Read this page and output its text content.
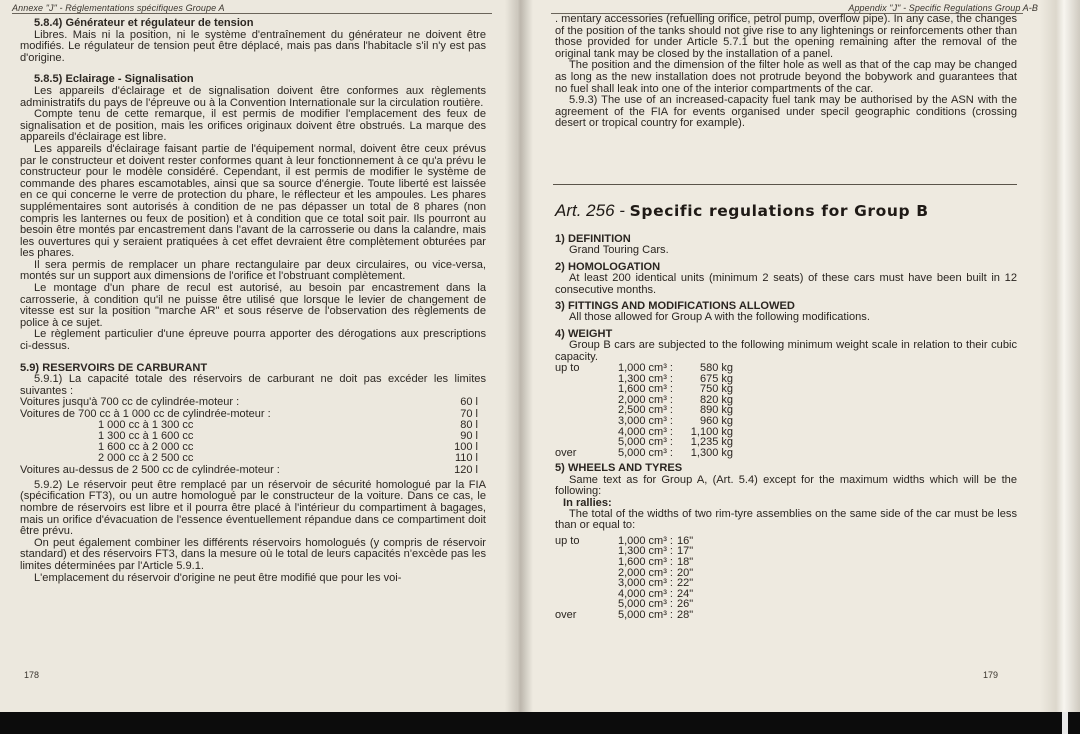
Annexe "J" - Réglementations spécifiques Groupe A

5.8.4) Générateur et régulateur de tension

Libres. Mais ni la position, ni le système d'entraînement du générateur ne doivent être modifiés. Le régulateur de tension peut être déplacé, mais pas dans l'habitacle s'il n'y est pas d'origine.

5.8.5) Eclairage - Signalisation

Les appareils d'éclairage et de signalisation doivent être conformes aux règlements administratifs du pays de l'épreuve ou à la Convention Internationale sur la circulation routière.

Compte tenu de cette remarque, il est permis de modifier l'emplacement des feux de signalisation et de position, mais les orifices originaux doivent être obstrués. La marque des appareils d'éclairage est libre.

Les appareils d'éclairage faisant partie de l'équipement normal, doivent être ceux prévus par le constructeur et doivent rester conformes quant à leur fonctionnement à ce qu'a prévu le constructeur pour le modèle considéré. Cependant, il est permis de modifier le système de commande des phares escamotables, ainsi que sa source d'énergie. Toute liberté est laissée en ce qui concerne le verre de protection du phare, le réflecteur et les ampoules. Les phares supplémentaires sont autorisés à condition de ne pas dépasser un total de 8 phares (non compris les lanternes ou feux de position) et à condition que ce total soit pair. Ils pourront au besoin être montés par encastrement dans l'avant de la carrosserie ou dans la calandre, mais les ouvertures qui y seraient pratiquées à cet effet devraient être complètement obturées par les phares.

Il sera permis de remplacer un phare rectangulaire par deux circulaires, ou vice-versa, montés sur un support aux dimensions de l'orifice et l'obstruant complètement.

Le montage d'un phare de recul est autorisé, au besoin par encastrement dans la carrosserie, à condition qu'il ne puisse être utilisé que lorsque le levier de changement de vitesse est sur la position "marche AR" et sous réserve de l'observation des règlements de police à ce sujet.

Le règlement particulier d'une épreuve pourra apporter des dérogations aux prescriptions ci-dessus.

5.9) RESERVOIRS DE CARBURANT

5.9.1) La capacité totale des réservoirs de carburant ne doit pas excéder les limites suivantes :

Voitures jusqu'à 700 cc de cylindrée-moteur :	60 l
Voitures de 700 cc à 1 000 cc de cylindrée-moteur :	70 l
1 000 cc à 1 300 cc	80 l
1 300 cc à 1 600 cc	90 l
1 600 cc à 2 000 cc	100 l
2 000 cc à 2 500 cc	110 l
Voitures au-dessus de 2 500 cc de cylindrée-moteur :	120 l

5.9.2) Le réservoir peut être remplacé par un réservoir de sécurité homologué par la FIA (spécification FT3), ou un autre homologué par le constructeur de la voiture. Dans ce cas, le nombre de réservoirs est libre et il pourra être placé à l'intérieur du compartiment à bagages, mais un orifice d'évacuation de l'essence éventuellement répandue dans ce compartiment doit être prévu.

On peut également combiner les différents réservoirs homologués (y compris de réservoir standard) et des réservoirs FT3, dans la mesure où le total de leurs capacités n'excède pas les limites déterminées par l'Article 5.9.1.

L'emplacement du réservoir d'origine ne peut être modifié que pour les voi-

178
Appendix "J" - Specific Regulations Group A-B

. mentary accessories (refuelling orifice, petrol pump, overflow pipe). In any case, the changes of the position of the tanks should not give rise to any lightenings or reinforcements other than those provided for under Article 5.7.1 but the opening remaining after the removal of the original tank may be closed by the installation of a panel.

The position and the dimension of the filter hole as well as that of the cap may be changed as long as the new installation does not protrude beyond the bobywork and guarantees that no fuel shall leak into one of the interior compartments of the car.

5.9.3) The use of an increased-capacity fuel tank may be authorised by the ASN with the agreement of the FIA for events organised under specil geographic conditions (crossing desert or tropical country for example).

Art. 256 - Specific regulations for Group B

1) DEFINITION

Grand Touring Cars.

2) HOMOLOGATION

At least 200 identical units (minimum 2 seats) of these cars must have been built in 12 consecutive months.

3) FITTINGS AND MODIFICATIONS ALLOWED

All those allowed for Group A with the following modifications.

4) WEIGHT

Group B cars are subjected to the following minimum weight scale in relation to their cubic capacity.

up to	1,000 cm³ :	580 kg
	1,300 cm³ :	675 kg
	1,600 cm³ :	750 kg
	2,000 cm³ :	820 kg
	2,500 cm³ :	890 kg
	3,000 cm³ :	960 kg
	4,000 cm³ :	1,100 kg
	5,000 cm³ :	1,235 kg
over	5,000 cm³ :	1,300 kg

5) WHEELS AND TYRES

Same text as for Group A, (Art. 5.4) except for the maximum widths which will be the following:

In rallies:

The total of the widths of two rim-tyre assemblies on the same side of the car must be less than or equal to:

up to	1,000 cm³ :	16"
	1,300 cm³ :	17"
	1,600 cm³ :	18"
	2,000 cm³ :	20"
	3,000 cm³ :	22"
	4,000 cm³ :	24"
	5,000 cm³ :	26"
over	5,000 cm³ :	28"
179
